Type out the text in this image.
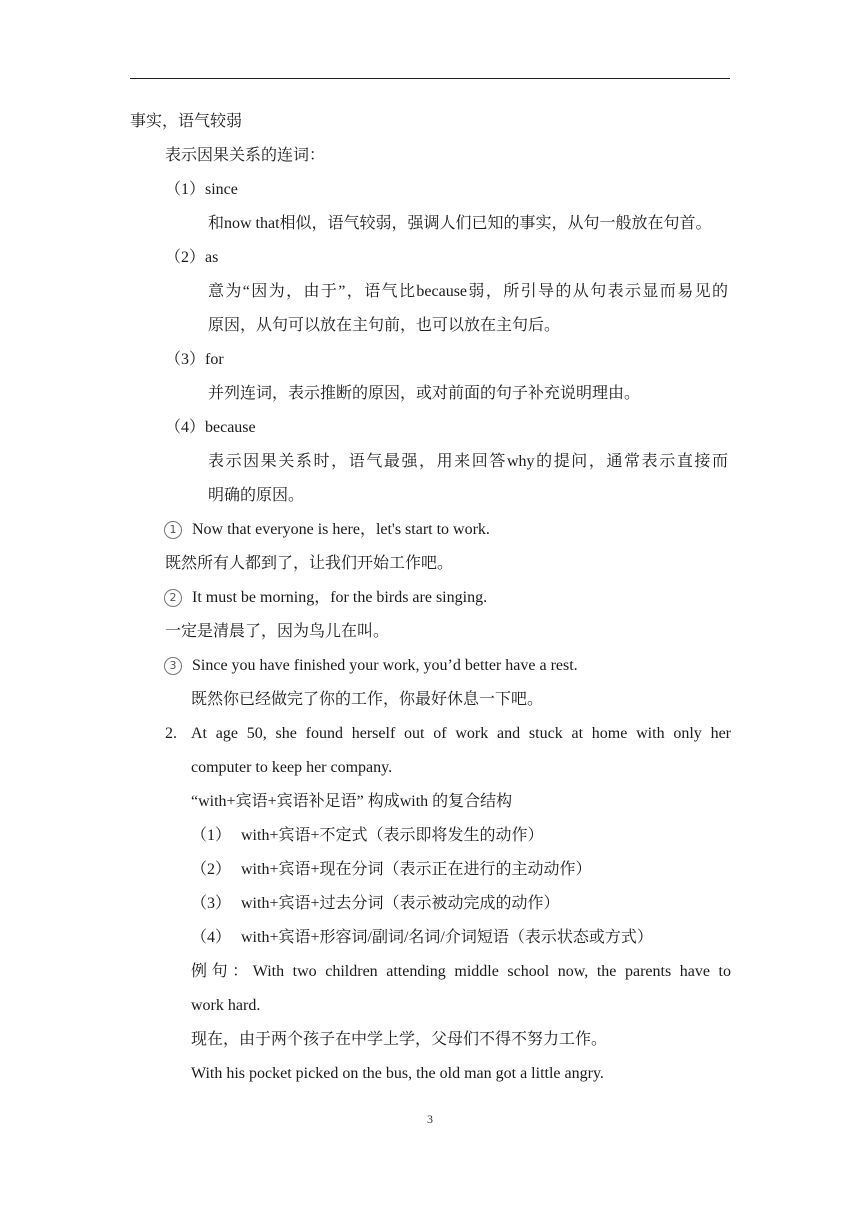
事实，语气较弱
表示因果关系的连词：
（1）since
和now that相似，语气较弱，强调人们已知的事实，从句一般放在句首。
（2）as
意为“因为，由于”，语气比because弱，所引导的从句表示显而易见的
原因，从句可以放在主句前，也可以放在主句后。
（3）for
并列连词，表示推断的原因，或对前面的句子补充说明理由。
（4）because
表示因果关系时，语气最强，用来回答why的提问，通常表示直接而
明确的原因。
1 Now that everyone is here，let's start to work.
既然所有人都到了，让我们开始工作吧。
2 It must be morning，for the birds are singing.
一定是清晨了，因为鸟儿在叫。
3 Since you have finished your work, you’d better have a rest.
既然你已经做完了你的工作，你最好休息一下吧。
2. At age 50, she found herself out of work and stuck at home with only her
computer to keep her company.
“with+宾语+宾语补足语” 构成with 的复合结构
（1） with+宾语+不定式（表示即将发生的动作）
（2） with+宾语+现在分词（表示正在进行的主动动作）
（3） with+宾语+过去分词（表示被动完成的动作）
（4） with+宾语+形容词/副词/名词/介词短语（表示状态或方式）
例句：With two children attending middle school now, the parents have to
work hard.
现在，由于两个孩子在中学上学，父母们不得不努力工作。
With his pocket picked on the bus, the old man got a little angry.
3
